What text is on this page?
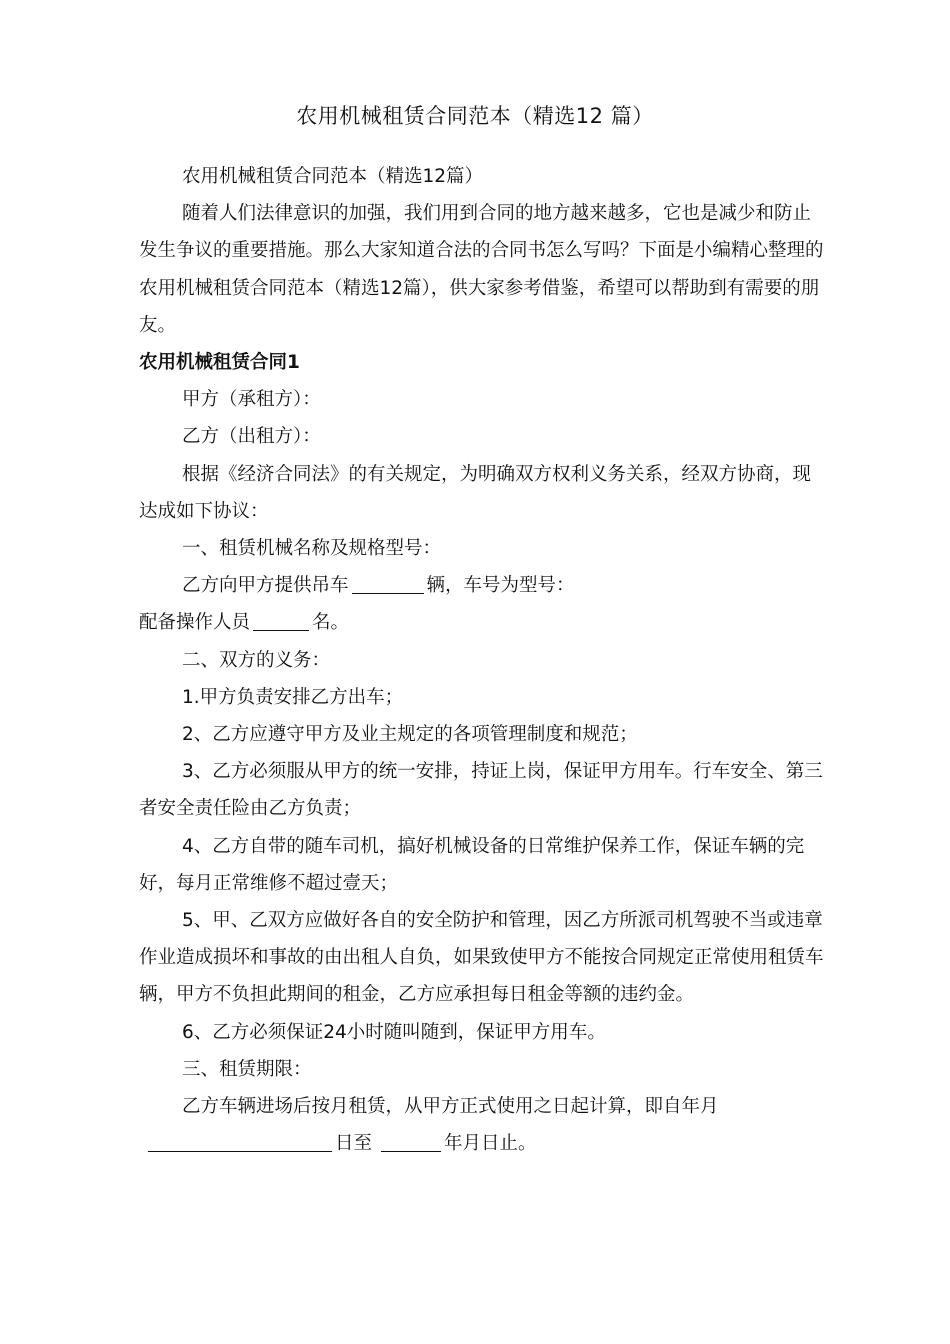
农用机械租赁合同范本（精选12 篇）

农用机械租赁合同范本（精选12篇）

随着人们法律意识的加强，我们用到合同的地方越来越多，它也是减少和防止发生争议的重要措施。那么大家知道合法的合同书怎么写吗？下面是小编精心整理的农用机械租赁合同范本（精选12篇），供大家参考借鉴，希望可以帮助到有需要的朋友。

农用机械租赁合同1

甲方（承租方）：

乙方（出租方）：

根据《经济合同法》的有关规定，为明确双方权利义务关系，经双方协商，现达成如下协议：

一、租赁机械名称及规格型号：

乙方向甲方提供吊车	辆，车号为型号：

配备操作人员	名。

二、双方的义务：

1.甲方负责安排乙方出车；

2、乙方应遵守甲方及业主规定的各项管理制度和规范；

3、乙方必须服从甲方的统一安排，持证上岗，保证甲方用车。行车安全、第三者安全责任险由乙方负责；

4、乙方自带的随车司机，搞好机械设备的日常维护保养工作，保证车辆的完好，每月正常维修不超过壹天；

5、甲、乙双方应做好各自的安全防护和管理，因乙方所派司机驾驶不当或违章作业造成损坏和事故的由出租人自负，如果致使甲方不能按合同规定正常使用租赁车辆，甲方不负担此期间的租金，乙方应承担每日租金等额的违约金。

6、乙方必须保证24小时随叫随到，保证甲方用车。

三、租赁期限：

乙方车辆进场后按月租赁，从甲方正式使用之日起计算，即自年月

日至	年月日止。
